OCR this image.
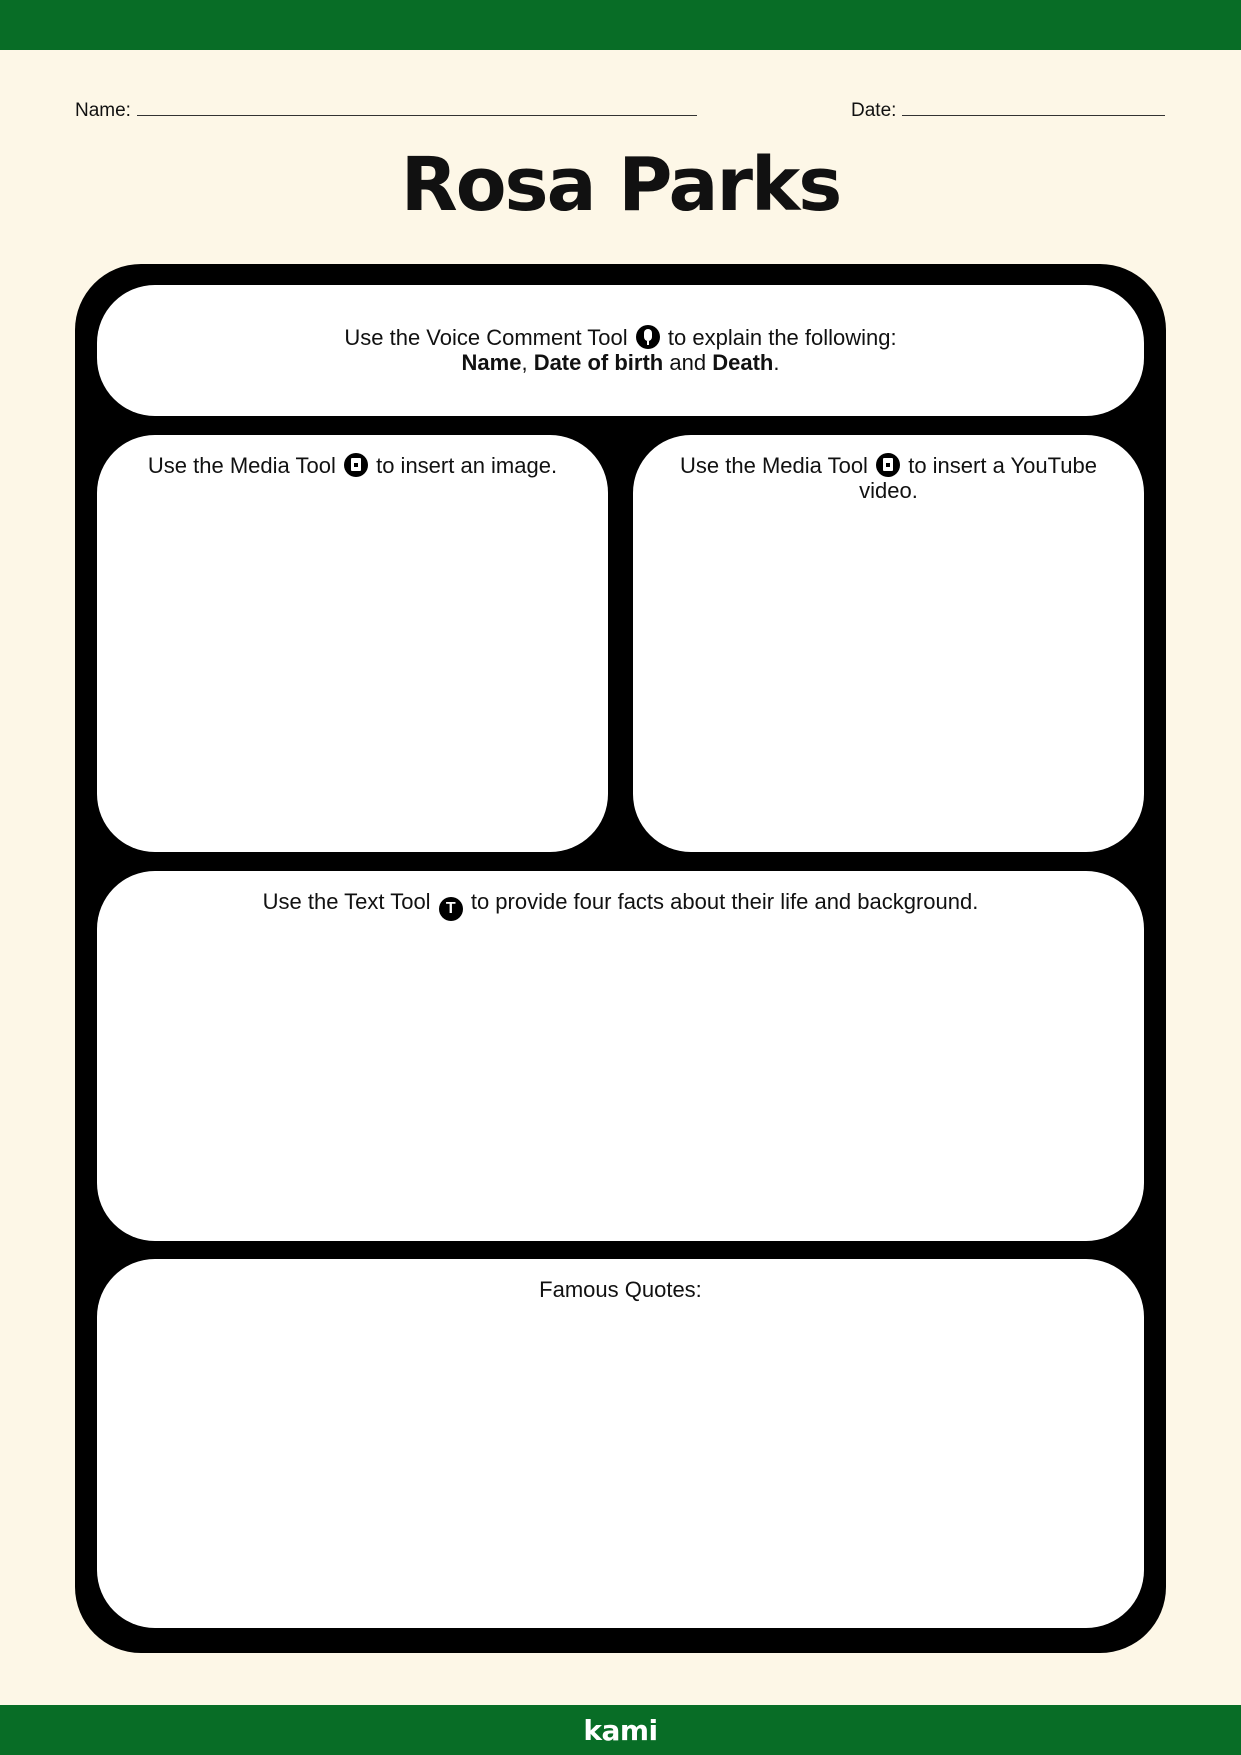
Name:	Date:
Rosa Parks
Use the Voice Comment Tool to explain the following:
Name, Date of birth and Death.
Use the Media Tool to insert an image.	Use the Media Tool to insert a YouTube video.
Use the Text Tool T to provide four facts about their life and background.
Famous Quotes:
kami
